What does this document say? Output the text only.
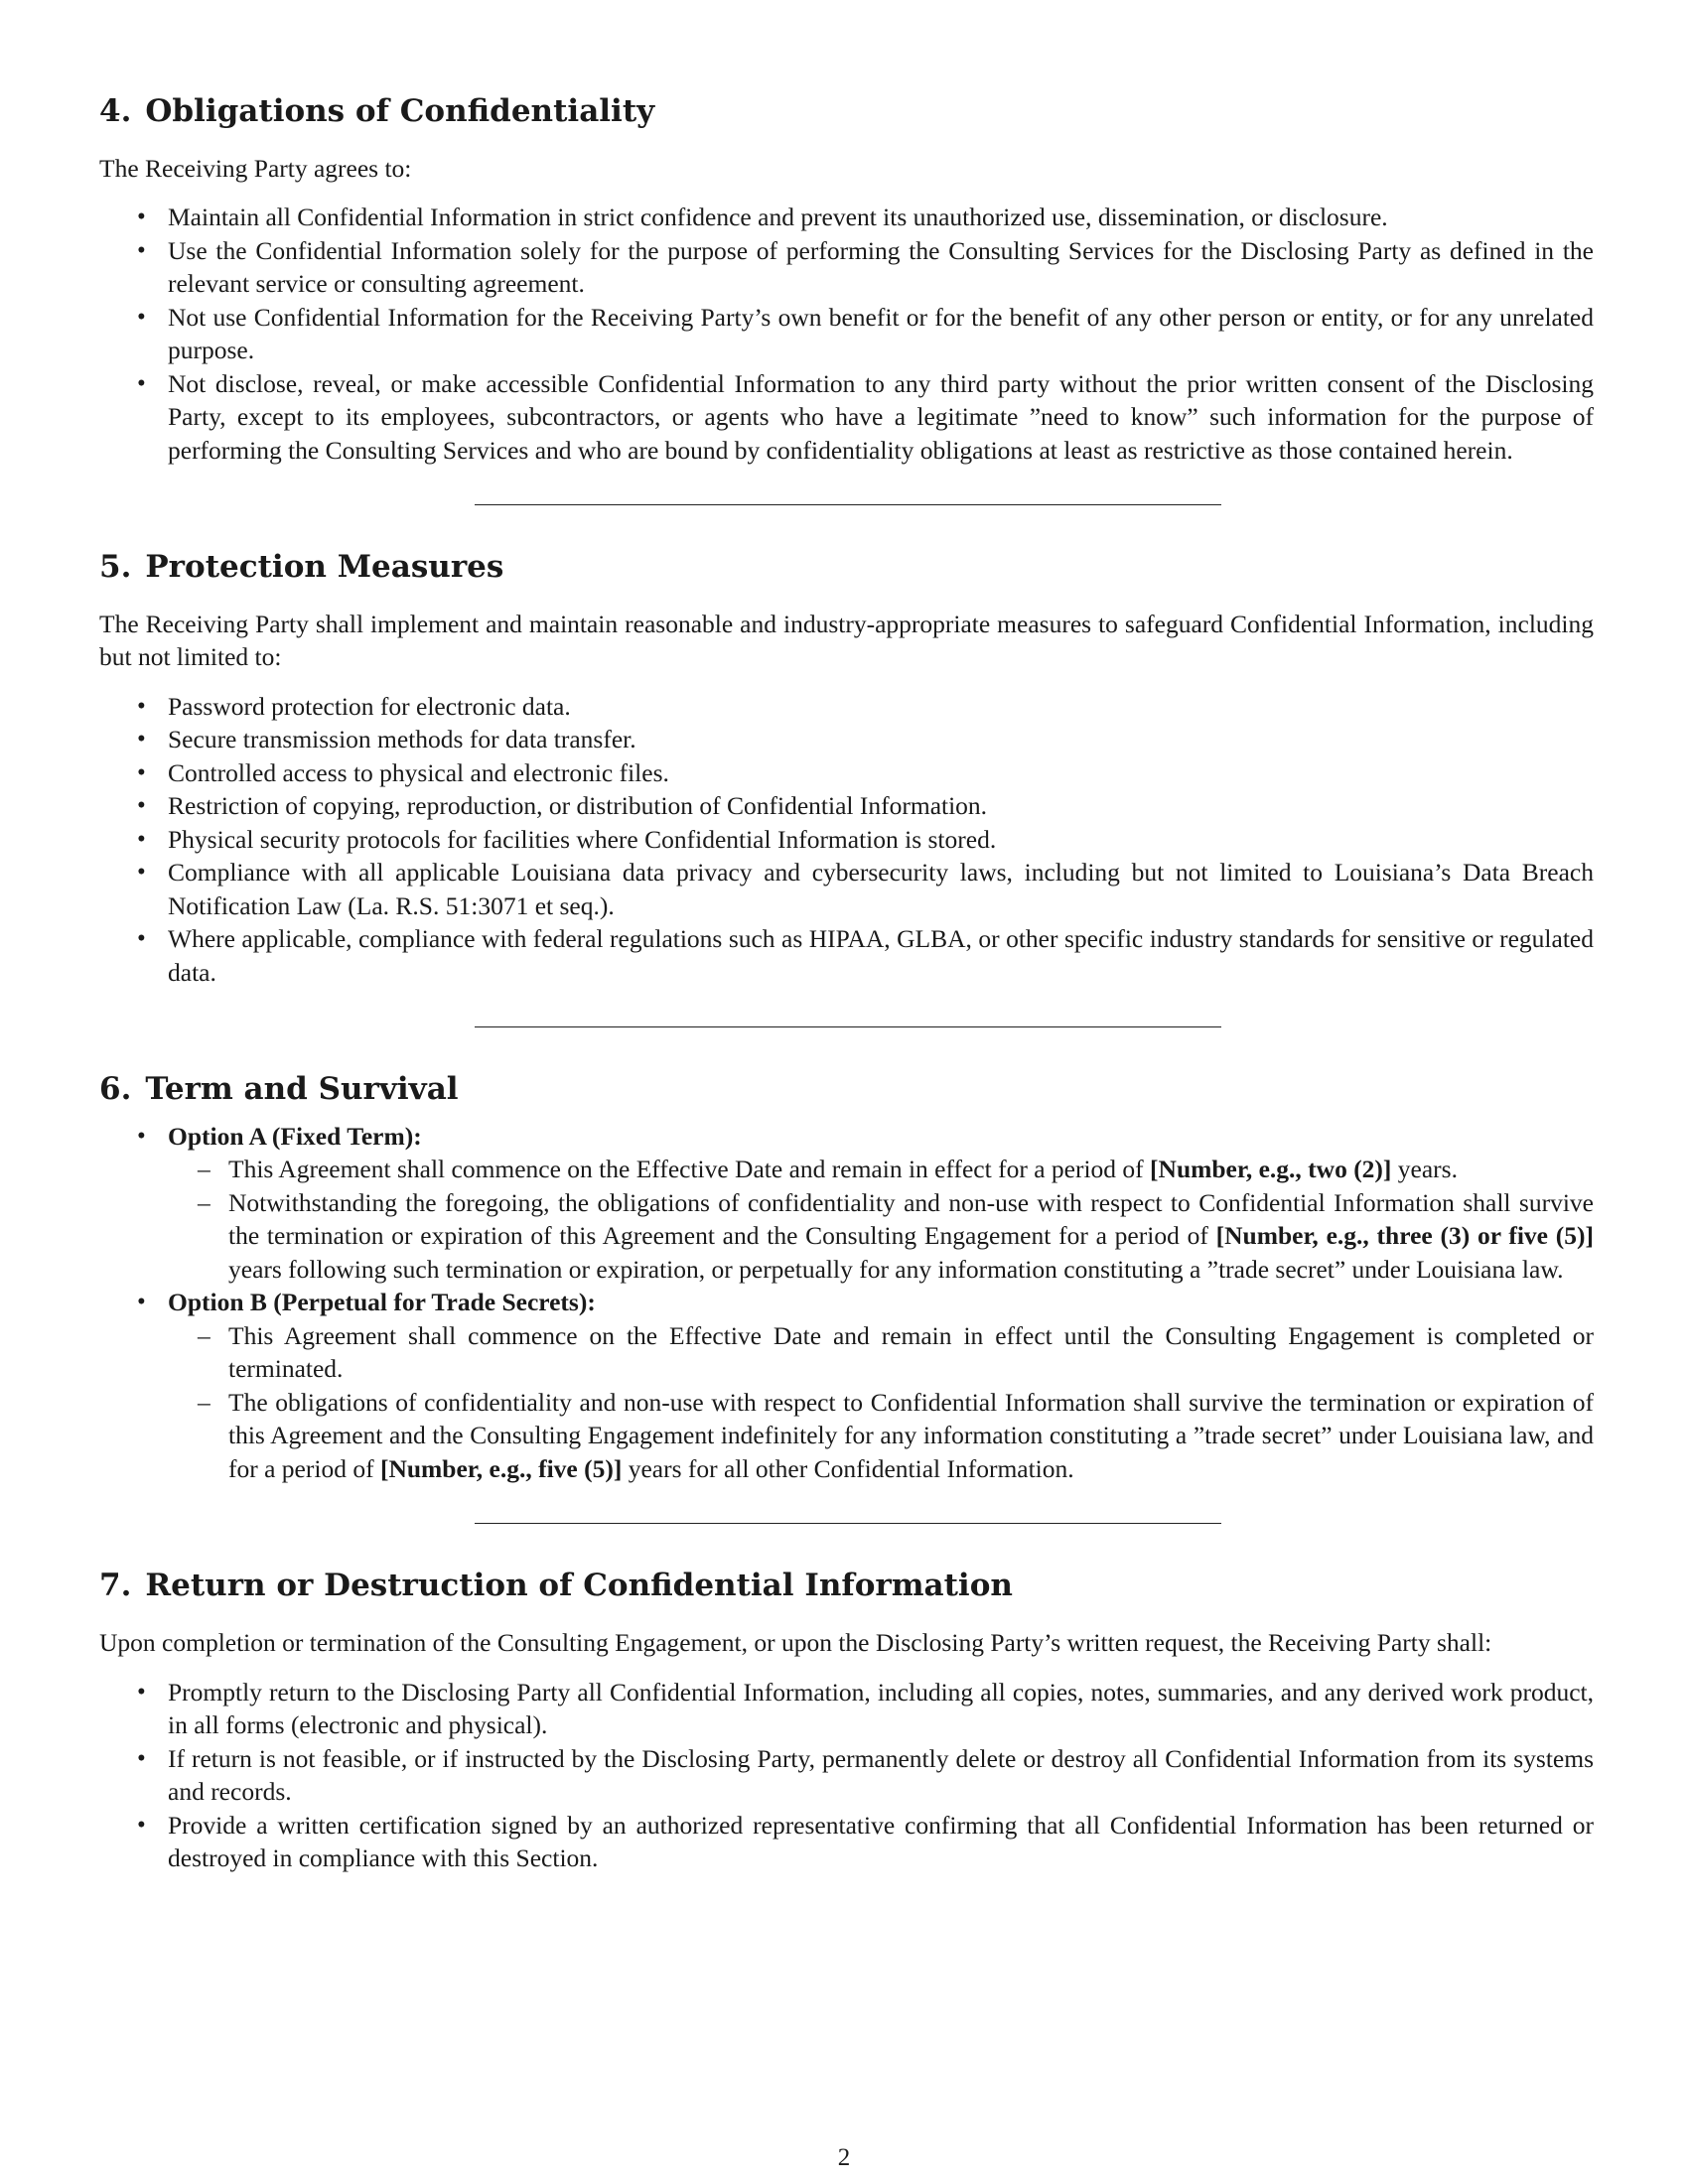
4. Obligations of Confidentiality

The Receiving Party agrees to:

• Maintain all Confidential Information in strict confidence and prevent its unauthorized use, dissemination, or disclosure.
• Use the Confidential Information solely for the purpose of performing the Consulting Services for the Disclosing Party as defined in the relevant service or consulting agreement.
• Not use Confidential Information for the Receiving Party’s own benefit or for the benefit of any other person or entity, or for any unrelated purpose.
• Not disclose, reveal, or make accessible Confidential Information to any third party without the prior written consent of the Disclosing Party, except to its employees, subcontractors, or agents who have a legitimate ”need to know” such information for the purpose of performing the Consulting Services and who are bound by confidentiality obligations at least as restrictive as those contained herein.
5. Protection Measures

The Receiving Party shall implement and maintain reasonable and industry-appropriate measures to safeguard Confidential Information, including but not limited to:

• Password protection for electronic data.
• Secure transmission methods for data transfer.
• Controlled access to physical and electronic files.
• Restriction of copying, reproduction, or distribution of Confidential Information.
• Physical security protocols for facilities where Confidential Information is stored.
• Compliance with all applicable Louisiana data privacy and cybersecurity laws, including but not limited to Louisiana’s Data Breach Notification Law (La. R.S. 51:3071 et seq.).
• Where applicable, compliance with federal regulations such as HIPAA, GLBA, or other specific industry standards for sensitive or regulated data.
6. Term and Survival
• Option A (Fixed Term):
– This Agreement shall commence on the Effective Date and remain in effect for a period of [Number, e.g., two (2)] years.
– Notwithstanding the foregoing, the obligations of confidentiality and non-use with respect to Confidential Information shall survive the termination or expiration of this Agreement and the Consulting Engagement for a period of [Number, e.g., three (3) or five (5)] years following such termination or expiration, or perpetually for any information constituting a ”trade secret” under Louisiana law.
• Option B (Perpetual for Trade Secrets):
– This Agreement shall commence on the Effective Date and remain in effect until the Consulting Engagement is completed or terminated.
– The obligations of confidentiality and non-use with respect to Confidential Information shall survive the termination or expiration of this Agreement and the Consulting Engagement indefinitely for any information constituting a ”trade secret” under Louisiana law, and for a period of [Number, e.g., five (5)] years for all other Confidential Information.
7. Return or Destruction of Confidential Information

Upon completion or termination of the Consulting Engagement, or upon the Disclosing Party’s written request, the Receiving Party shall:

• Promptly return to the Disclosing Party all Confidential Information, including all copies, notes, summaries, and any derived work product, in all forms (electronic and physical).
• If return is not feasible, or if instructed by the Disclosing Party, permanently delete or destroy all Confidential Information from its systems and records.
• Provide a written certification signed by an authorized representative confirming that all Confidential Information has been returned or destroyed in compliance with this Section.
2
